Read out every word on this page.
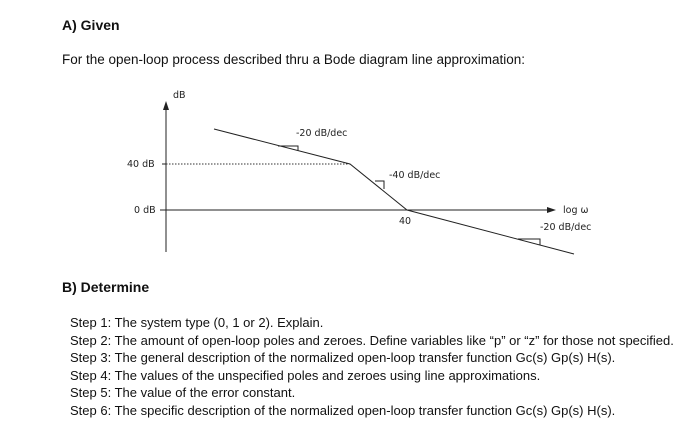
A) Given
For the open-loop process described thru a Bode diagram line approximation:
dB
40 dB
0 dB
40
log ω
-20 dB/dec
-40 dB/dec
-20 dB/dec
B) Determine
Step 1: The system type (0, 1 or 2). Explain.
Step 2: The amount of open-loop poles and zeroes. Define variables like “p” or “z” for those not specified.
Step 3: The general description of the normalized open-loop transfer function Gc(s) Gp(s) H(s).
Step 4: The values of the unspecified poles and zeroes using line approximations.
Step 5: The value of the error constant.
Step 6: The specific description of the normalized open-loop transfer function Gc(s) Gp(s) H(s).
